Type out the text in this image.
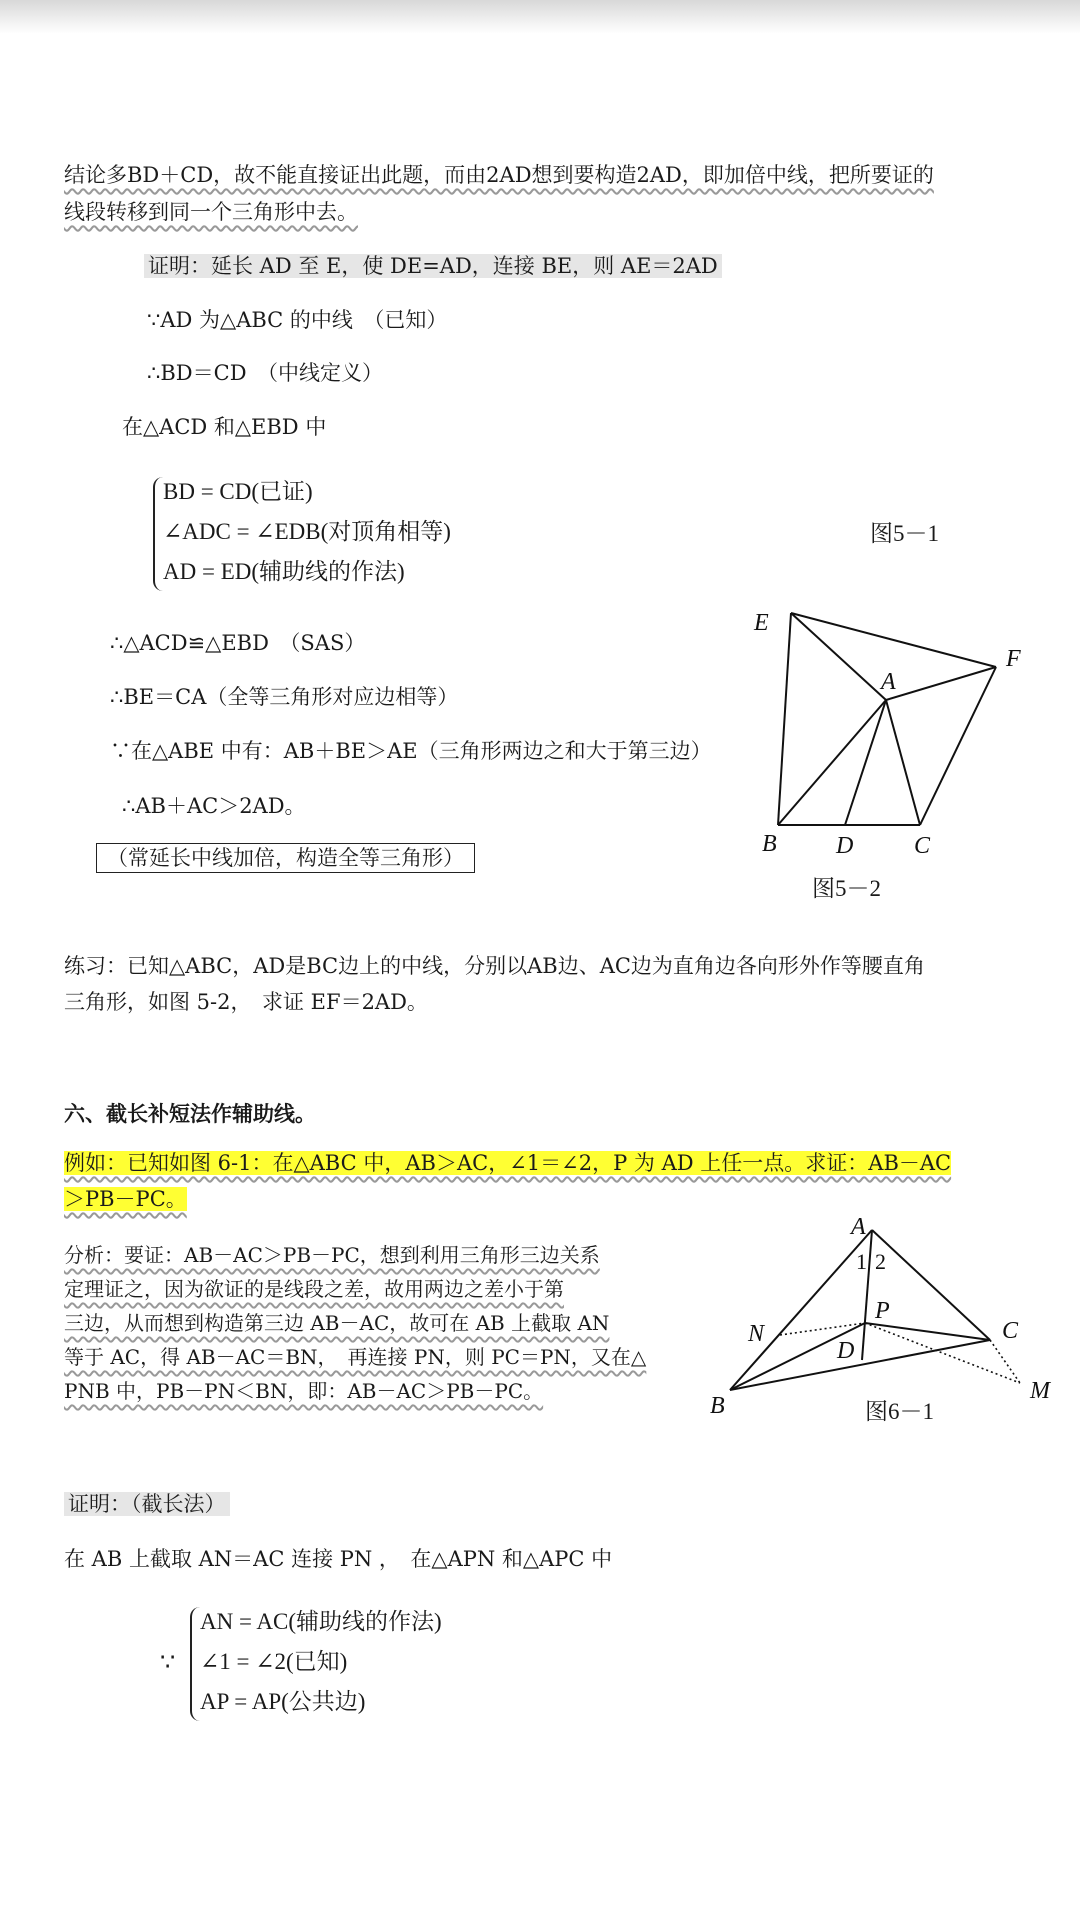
结论多BD＋CD，故不能直接证出此题，而由2AD想到要构造2AD，即加倍中线，把所要证的
线段转移到同一个三角形中去。
证明：延长 AD 至 E，使 DE=AD，连接 BE，则 AE＝2AD
∵AD 为△ABC 的中线　（已知）
∴BD＝CD　（中线定义）
在△ACD 和△EBD 中
BD = CD(已证)
∠ADC = ∠EDB(对顶角相等)
AD = ED(辅助线的作法)
图5－1
∴△ACD≌△EBD　（SAS）
∴BE＝CA（全等三角形对应边相等）
∵在△ABE 中有：AB＋BE＞AE（三角形两边之和大于第三边）
∴AB＋AC＞2AD。
（常延长中线加倍，构造全等三角形）
E
F
A
B D	C
图5－2
练习：已知△ABC，AD是BC边上的中线，分别以AB边、AC边为直角边各向形外作等腰直角
三角形，如图 5-2，　求证 EF＝2AD。
六、截长补短法作辅助线。
例如：已知如图 6-1：在△ABC 中，AB＞AC，∠1＝∠2，P 为 AD 上任一点。求证：AB－AC
＞PB－PC。
分析：要证：AB－AC＞PB－PC，想到利用三角形三边关系
定理证之，因为欲证的是线段之差，故用两边之差小于第
三边，从而想到构造第三边 AB－AC，故可在 AB 上截取 AN
等于 AC，得 AB－AC＝BN，　再连接 PN，则 PC＝PN，又在△
PNB 中，PB－PN＜BN，即：AB－AC＞PB－PC。
A
P
N	C
D
B
M
1 2
图6－1
证明：（截长法）
在 AB 上截取 AN＝AC 连接 PN ，　在△APN 和△APC 中
∵
AN = AC(辅助线的作法)
∠1 = ∠2(已知)
AP = AP(公共边)
